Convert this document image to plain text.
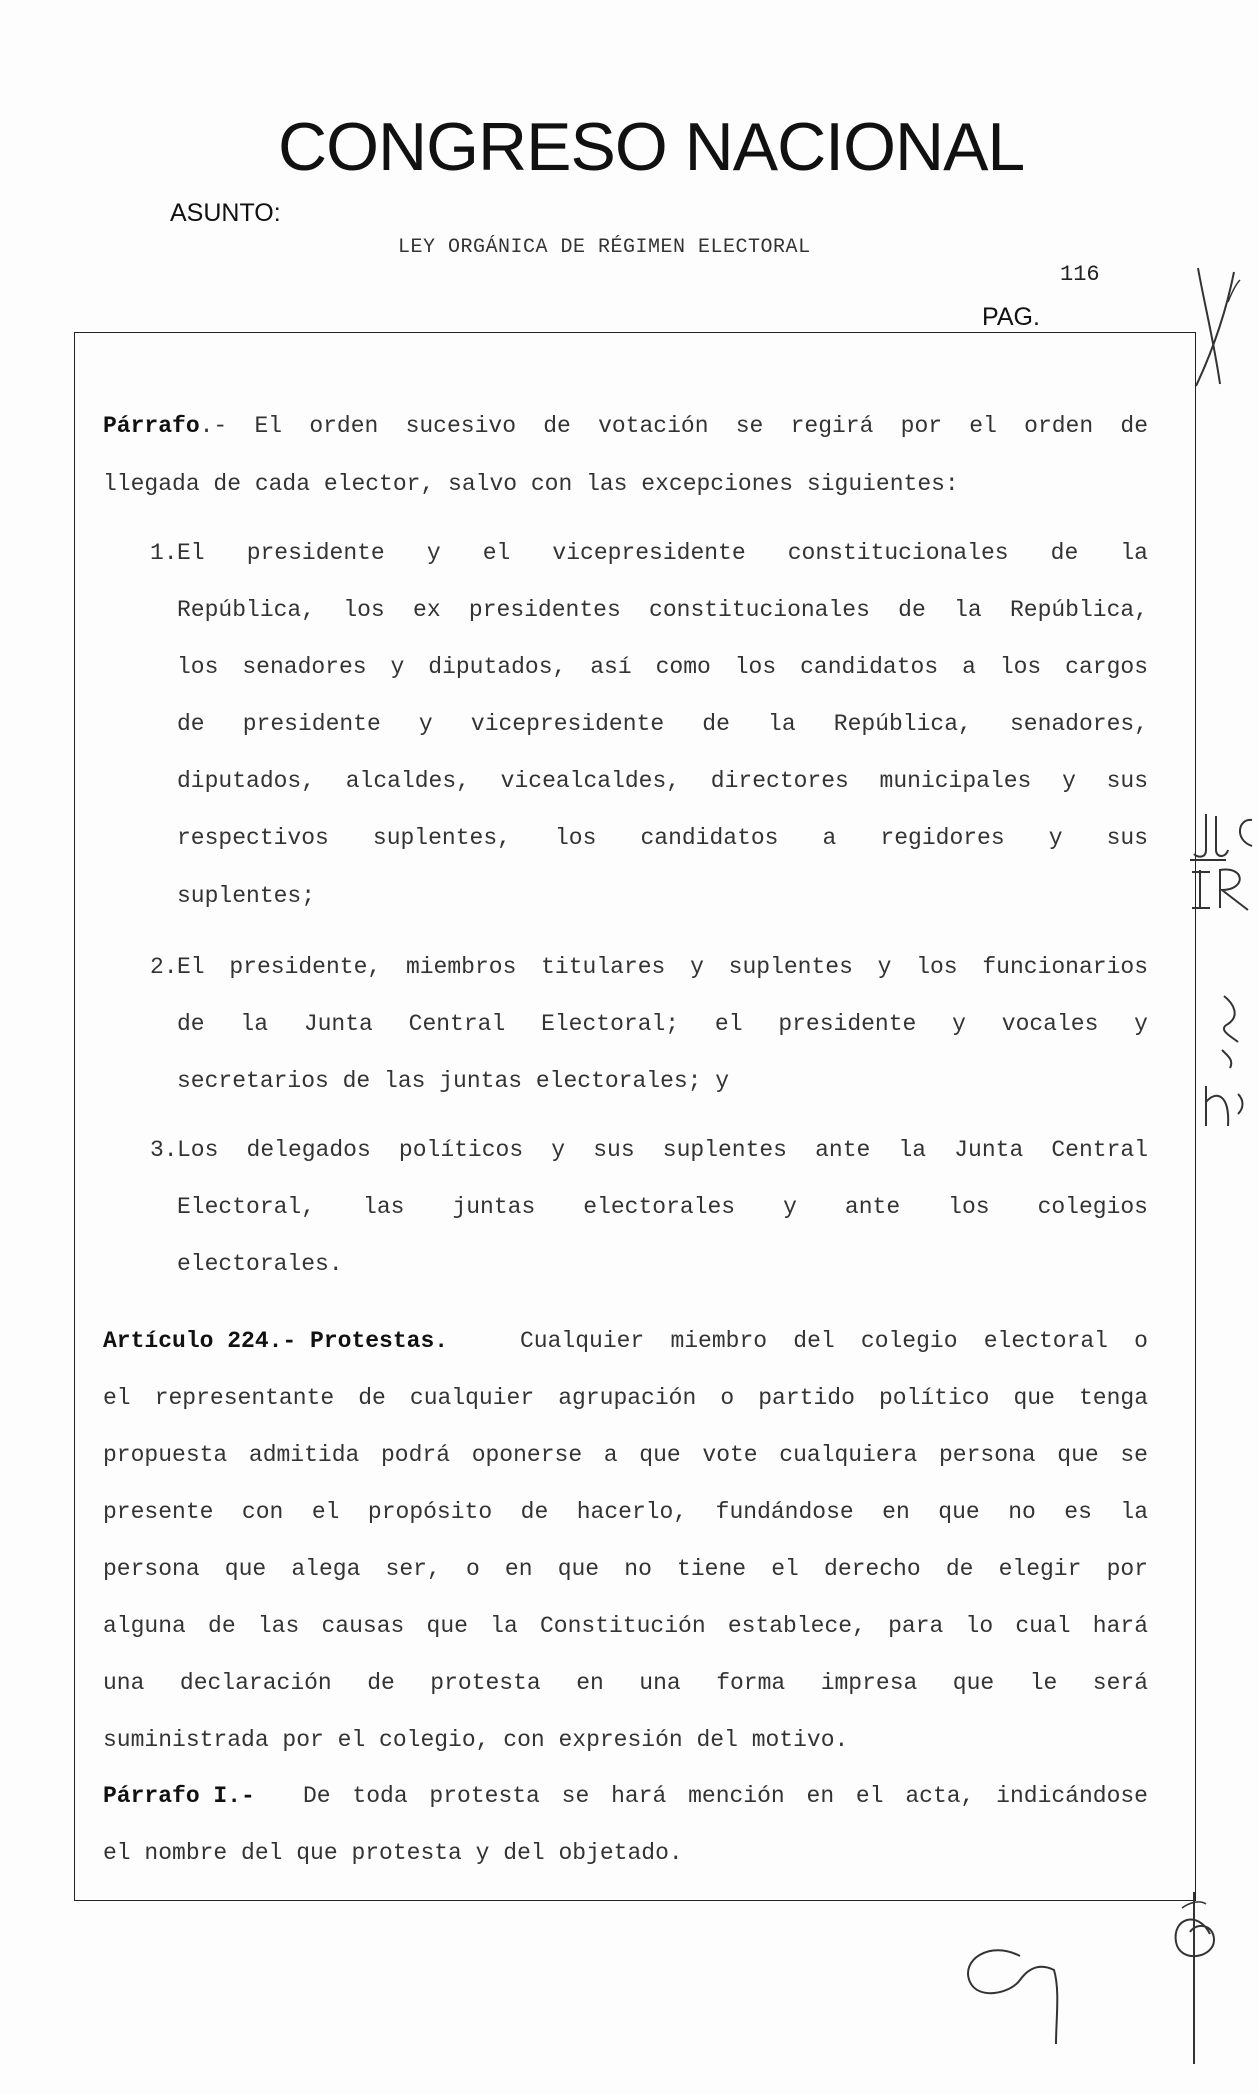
CONGRESO NACIONAL
ASUNTO:
LEY ORGÁNICA DE RÉGIMEN ELECTORAL
116
PAG.
Párrafo.- El orden sucesivo de votación se regirá por el orden de
llegada de cada elector, salvo con las excepciones siguientes:
1. El presidente y el vicepresidente constitucionales de la
República, los ex presidentes constitucionales de la República,
los senadores y diputados, así como los candidatos a los cargos
de presidente y vicepresidente de la República, senadores,
diputados, alcaldes, vicealcaldes, directores municipales y sus
respectivos suplentes, los candidatos a regidores y sus
suplentes;
2. El presidente, miembros titulares y suplentes y los funcionarios
de la Junta Central Electoral; el presidente y vocales y
secretarios de las juntas electorales; y
3. Los delegados políticos y sus suplentes ante la Junta Central
Electoral, las juntas electorales y ante los colegios
electorales.
Artículo 224.- Protestas.	Cualquier miembro del colegio electoral o
el representante de cualquier agrupación o partido político que tenga
propuesta admitida podrá oponerse a que vote cualquiera persona que se
presente con el propósito de hacerlo, fundándose en que no es la
persona que alega ser, o en que no tiene el derecho de elegir por
alguna de las causas que la Constitución establece, para lo cual hará
una declaración de protesta en una forma impresa que le será
suministrada por el colegio, con expresión del motivo.
Párrafo I.- De toda protesta se hará mención en el acta, indicándose
el nombre del que protesta y del objetado.
